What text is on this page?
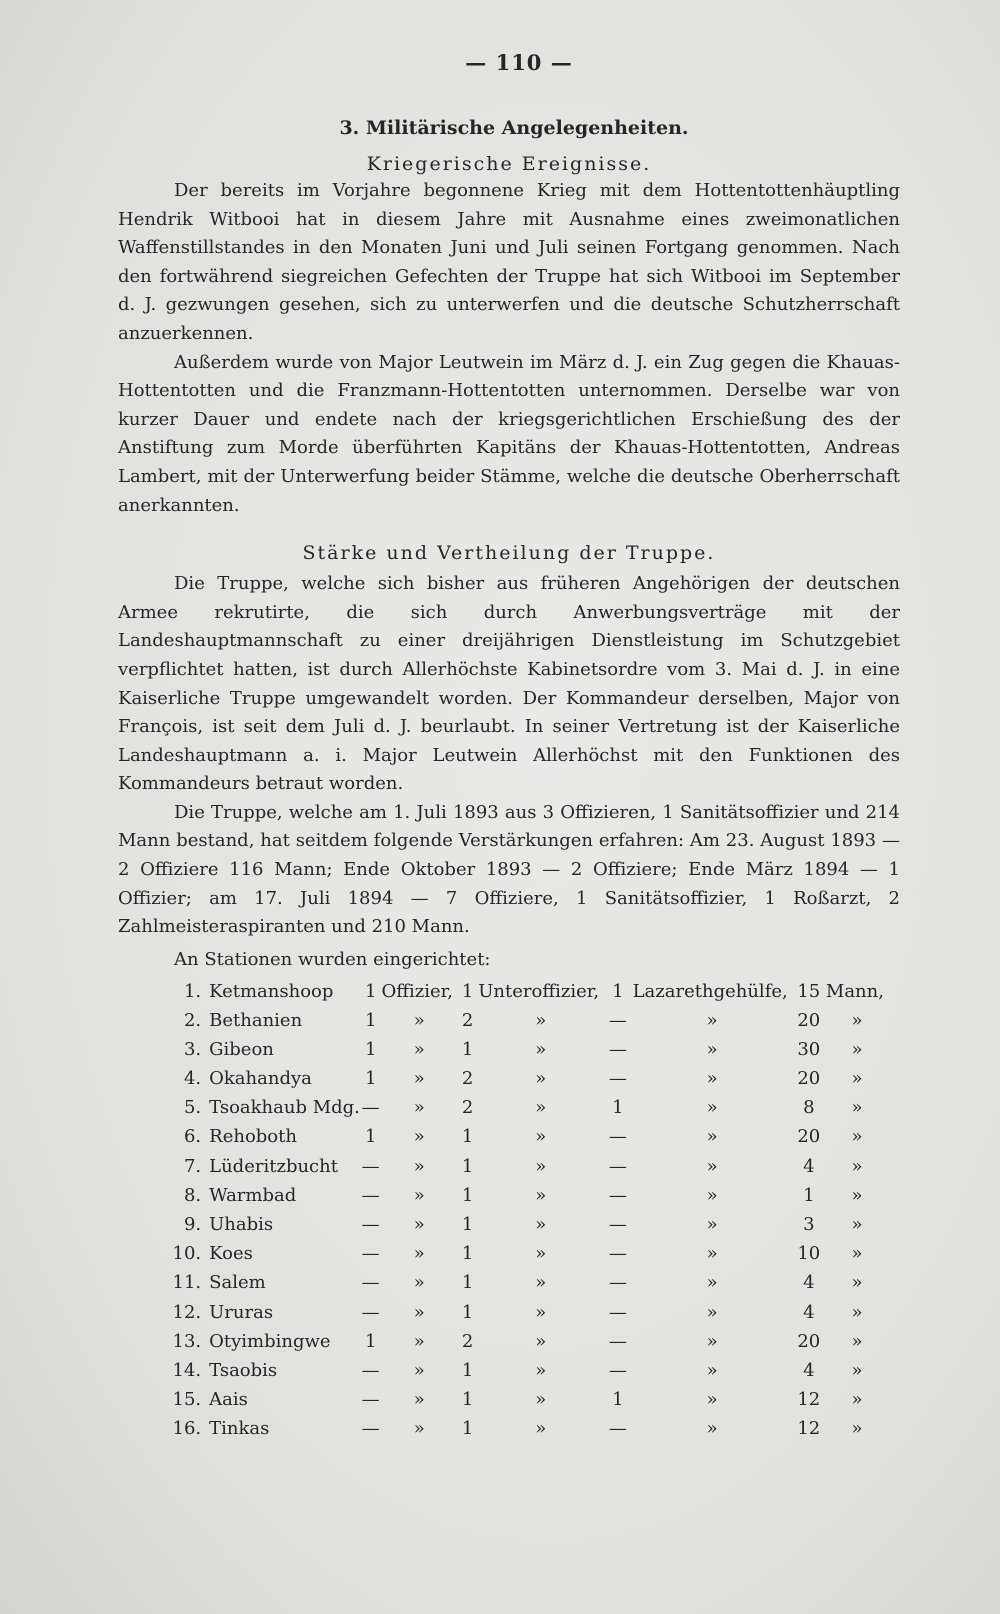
— 110 —
3. Militärische Angelegenheiten.
Kriegerische Ereignisse.

Der bereits im Vorjahre begonnene Krieg mit dem Hottentottenhäuptling Hendrik Witbooi hat in diesem Jahre mit Ausnahme eines zweimonatlichen Waffenstillstandes in den Monaten Juni und Juli seinen Fortgang genommen. Nach den fortwährend siegreichen Gefechten der Truppe hat sich Witbooi im September d. J. gezwungen gesehen, sich zu unterwerfen und die deutsche Schutzherrschaft anzuerkennen.

Außerdem wurde von Major Leutwein im März d. J. ein Zug gegen die Khauas-Hottentotten und die Franzmann-Hottentotten unternommen. Derselbe war von kurzer Dauer und endete nach der kriegsgerichtlichen Erschießung des der Anstiftung zum Morde überführten Kapitäns der Khauas-Hottentotten, Andreas Lambert, mit der Unterwerfung beider Stämme, welche die deutsche Oberherrschaft anerkannten.

Stärke und Vertheilung der Truppe.

Die Truppe, welche sich bisher aus früheren Angehörigen der deutschen Armee rekrutirte, die sich durch Anwerbungsverträge mit der Landeshauptmannschaft zu einer dreijährigen Dienstleistung im Schutzgebiet verpflichtet hatten, ist durch Allerhöchste Kabinetsordre vom 3. Mai d. J. in eine Kaiserliche Truppe umgewandelt worden. Der Kommandeur derselben, Major von François, ist seit dem Juli d. J. beurlaubt. In seiner Vertretung ist der Kaiserliche Landeshauptmann a. i. Major Leutwein Allerhöchst mit den Funktionen des Kommandeurs betraut worden.

Die Truppe, welche am 1. Juli 1893 aus 3 Offizieren, 1 Sanitätsoffizier und 214 Mann bestand, hat seitdem folgende Verstärkungen erfahren: Am 23. August 1893 — 2 Offiziere 116 Mann; Ende Oktober 1893 — 2 Offiziere; Ende März 1894 — 1 Offizier; am 17. Juli 1894 — 7 Offiziere, 1 Sanitätsoffizier, 1 Roßarzt, 2 Zahlmeisteraspiranten und 210 Mann.

An Stationen wurden eingerichtet:
1.	Ketmanshoop	1	Offizier,	1	Unteroffizier,	1	Lazarethgehülfe,	15	Mann,
2.	Bethanien	1	»	2	»	—	»	20	»
3.	Gibeon	1	»	1	»	—	»	30	»
4.	Okahandya	1	»	2	»	—	»	20	»
5.	Tsoakhaub Mdg.	—	»	2	»	1	»	8	»
6.	Rehoboth	1	»	1	»	—	»	20	»
7.	Lüderitzbucht	—	»	1	»	—	»	4	»
8.	Warmbad	—	»	1	»	—	»	1	»
9.	Uhabis	—	»	1	»	—	»	3	»
10.	Koes	—	»	1	»	—	»	10	»
11.	Salem	—	»	1	»	—	»	4	»
12.	Ururas	—	»	1	»	—	»	4	»
13.	Otyimbingwe	1	»	2	»	—	»	20	»
14.	Tsaobis	—	»	1	»	—	»	4	»
15.	Aais	—	»	1	»	1	»	12	»
16.	Tinkas	—	»	1	»	—	»	12	»
